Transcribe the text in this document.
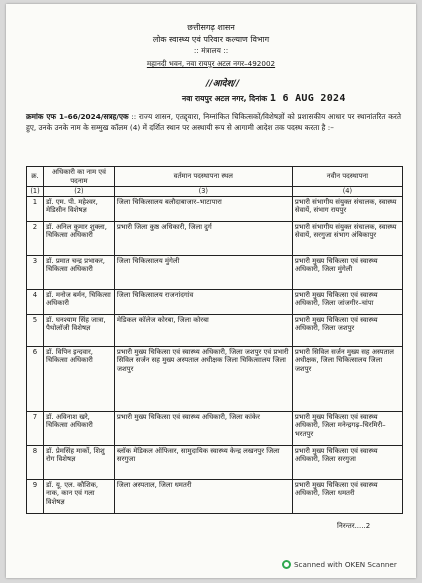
छत्तीसगढ़ शासन
लोक स्वास्थ्य एवं परिवार कल्याण विभाग
:: मंत्रालय ::
महानदी भवन, नवा रायपुर अटल नगर–492002
//आदेश//
नवा रायपुर अटल नगर, दिनांक 1 6 AUG 2024
क्रमांक एफ 1–66/2024/सत्रह/एक :: राज्य शासन, एतद्द्वारा, निम्नांकित चिकित्सकों/विशेषज्ञों को प्रशासकीय आधार पर स्थानांतरित करते हुए, उनके उनके नाम के सम्मुख कॉलम (4) में दर्शित स्थान पर अस्थायी रूप से आगामी आदेश तक पदस्थ करता है :–
क्र.	अधिकारी का नाम एवं पदनाम	वर्तमान पदस्थापना स्थल	नवीन पदस्थापना
(1)	(2)	(3)	(4)
1	डॉ. एम. पी. महेश्वर, मेडिसीन विशेषज्ञ	जिला चिकित्सालय बलौदाबाजार–भाटापारा	प्रभारी संभागीय संयुक्त संचालक, स्वास्थ्य सेवायें, संभाग रायपुर
2	डॉ. अनिल कुमार शुक्ला, चिकित्सा अधिकारी	प्रभारी जिला कुष्ठ अधिकारी, जिला दुर्ग	प्रभारी संभागीय संयुक्त संचालक, स्वास्थ्य सेवायें, सरगुजा संभाग अंबिकापुर
3	डॉ. प्रमात चन्द्र प्रभाकर, चिकित्सा अधिकारी	जिला चिकित्सालय मुंगेली	प्रभारी मुख्य चिकित्सा एवं स्वास्थ्य अधिकारी, जिला मुंगेली
4	डॉ. मनोज बर्मन, चिकित्सा अधिकारी	जिला चिकित्सालय राजनांदगांव	प्रभारी मुख्य चिकित्सा एवं स्वास्थ्य अधिकारी, जिला जांजगीर–चांपा
5	डॉ. घनश्याम सिंह जात्रा, पैथोलॉजी विशेषज्ञ	मेडिकल कॉलेज कोरबा, जिला कोरबा	प्रभारी मुख्य चिकित्सा एवं स्वास्थ्य अधिकारी, जिला जशपुर
6	डॉ. विपिन इन्दवार, चिकित्सा अधिकारी	प्रभारी मुख्य चिकित्सा एवं स्वास्थ्य अधिकारी, जिला जशपुर एवं प्रभारी सिविल सर्जन सह मुख्य अस्पताल अधीक्षक जिला चिकित्सालय जिला जशपुर	प्रभारी सिविल सर्जन मुख्य सह अस्पताल अधीक्षक, जिला चिकित्सालय जिला जशपुर
7	डॉ. अविनाश खरे, चिकित्सा अधिकारी	प्रभारी मुख्य चिकित्सा एवं स्वास्थ्य अधिकारी, जिला कांकेर	प्रभारी मुख्य चिकित्सा एवं स्वास्थ्य अधिकारी, जिला मनेन्द्रगढ़–चिरमिरी–भरतपुर
8	डॉ. प्रेमसिंह मार्को, शिशु रोग विशेषज्ञ	ब्लॉक मेडिकल ऑफिसर, सामुदायिक स्वास्थ्य केन्द्र लखनपुर जिला सरगुजा	प्रभारी मुख्य चिकित्सा एवं स्वास्थ्य अधिकारी, जिला सरगुजा
9	डॉ. यू. एल. कौशिक, नाक, कान एवं गला विशेषज्ञ	जिला अस्पताल, जिला धमतरी	प्रभारी मुख्य चिकित्सा एवं स्वास्थ्य अधिकारी, जिला धमतरी
निरन्तर.....2
Scanned with OKEN Scanner
